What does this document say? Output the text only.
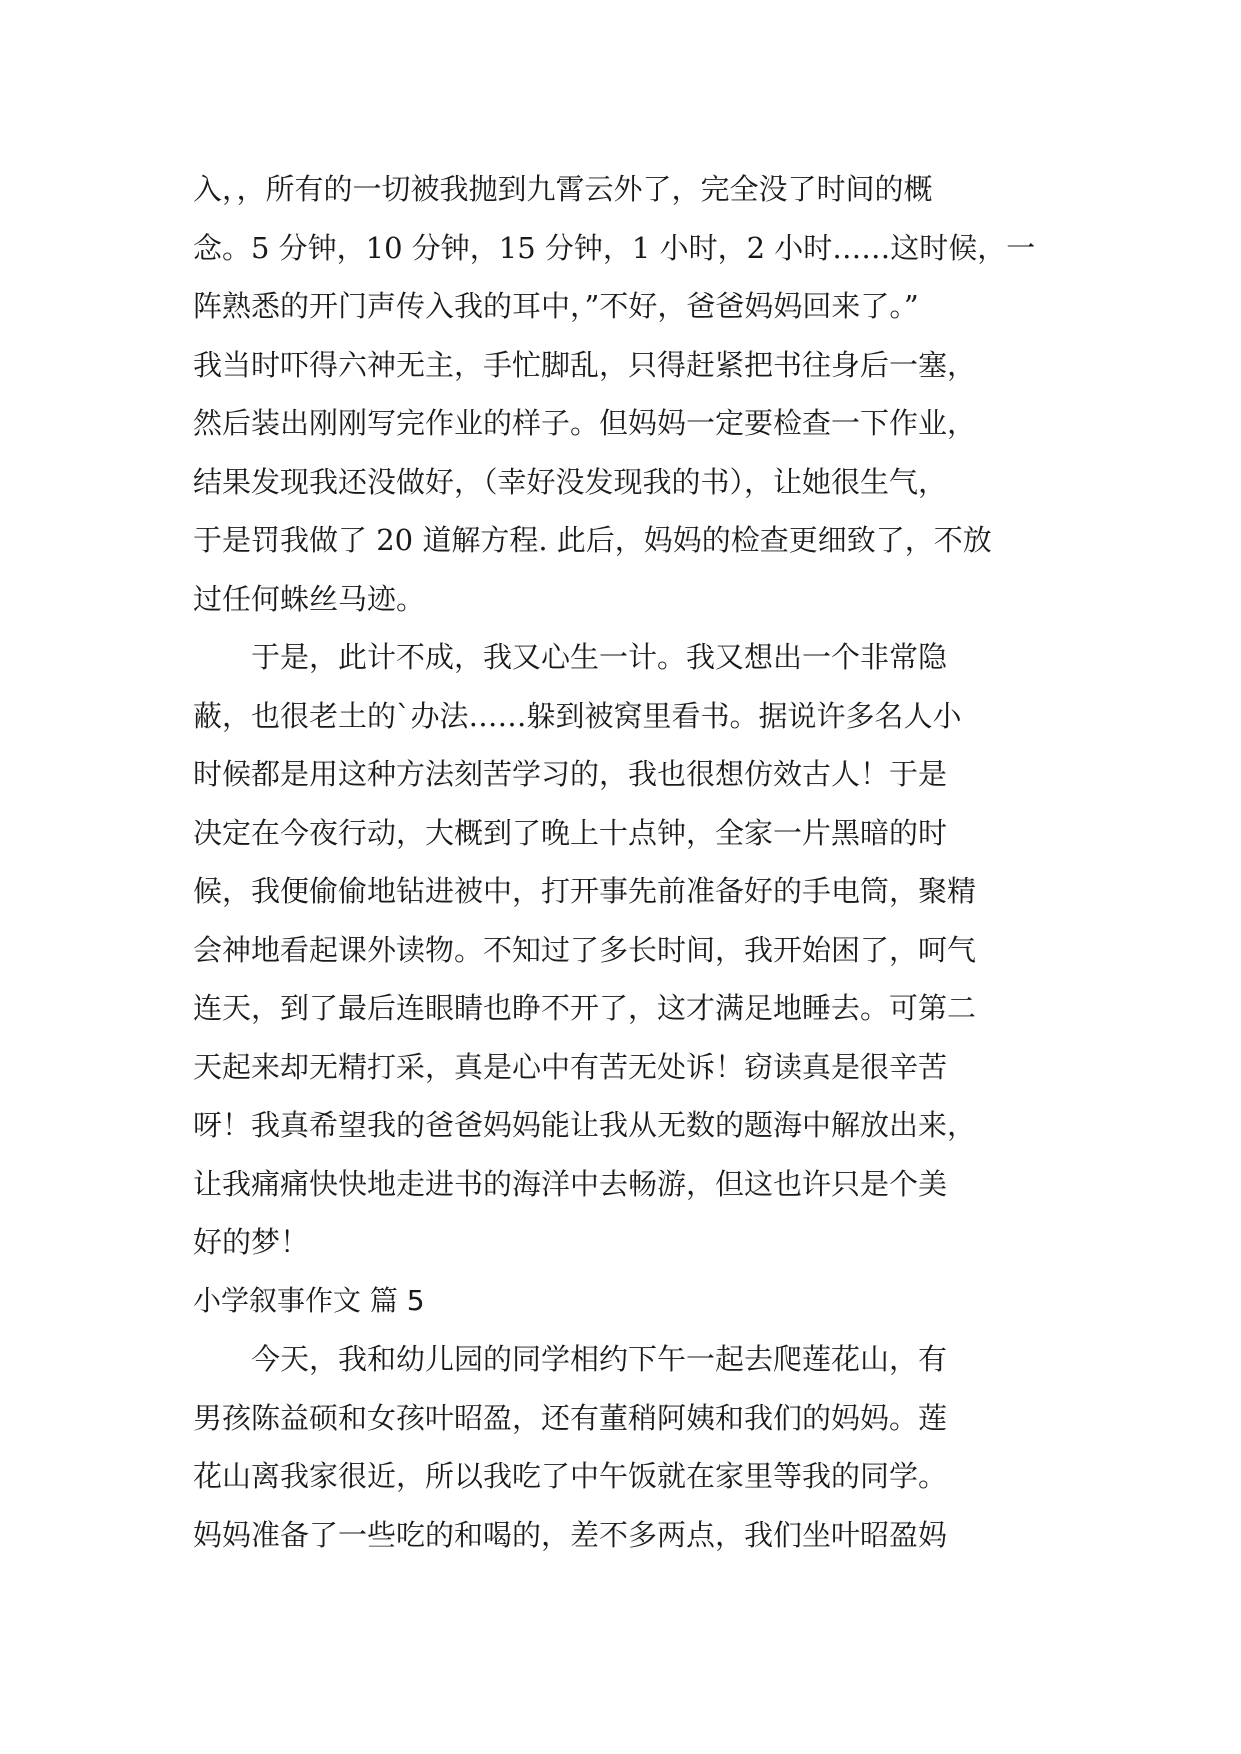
入，，所有的一切被我抛到九霄云外了，完全没了时间的概
念。5 分钟，10 分钟，15 分钟，1 小时，2 小时……这时候，一
阵熟悉的开门声传入我的耳中，”不好，爸爸妈妈回来了。”
我当时吓得六神无主，手忙脚乱，只得赶紧把书往身后一塞，
然后装出刚刚写完作业的样子。但妈妈一定要检查一下作业，
结果发现我还没做好，（幸好没发现我的书），让她很生气，
于是罚我做了 20 道解方程. 此后，妈妈的检查更细致了，不放
过任何蛛丝马迹。
　　于是，此计不成，我又心生一计。我又想出一个非常隐
蔽，也很老土的`办法……躲到被窝里看书。据说许多名人小
时候都是用这种方法刻苦学习的，我也很想仿效古人！于是
决定在今夜行动，大概到了晚上十点钟，全家一片黑暗的时
候，我便偷偷地钻进被中，打开事先前准备好的手电筒，聚精
会神地看起课外读物。不知过了多长时间，我开始困了，呵气
连天，到了最后连眼睛也睁不开了，这才满足地睡去。可第二
天起来却无精打采，真是心中有苦无处诉！窃读真是很辛苦
呀！我真希望我的爸爸妈妈能让我从无数的题海中解放出来，
让我痛痛快快地走进书的海洋中去畅游，但这也许只是个美
好的梦！
小学叙事作文 篇 5
　　今天，我和幼儿园的同学相约下午一起去爬莲花山，有
男孩陈益硕和女孩叶昭盈，还有董稍阿姨和我们的妈妈。莲
花山离我家很近，所以我吃了中午饭就在家里等我的同学。
妈妈准备了一些吃的和喝的，差不多两点，我们坐叶昭盈妈
